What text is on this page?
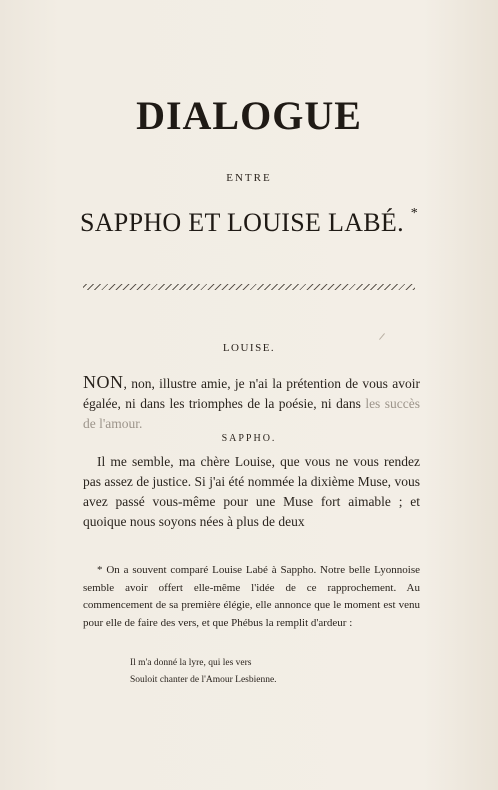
DIALOGUE
ENTRE
SAPPHO ET LOUISE LABÉ. *
LOUISE.
NON, non, illustre amie, je n'ai la prétention de vous avoir égalée, ni dans les triomphes de la poésie, ni dans les succès de l'amour.
SAPPHO.
Il me semble, ma chère Louise, que vous ne vous rendez pas assez de justice. Si j'ai été nommée la dixième Muse, vous avez passé vous-même pour une Muse fort aimable ; et quoique nous soyons nées à plus de deux
* On a souvent comparé Louise Labé à Sappho. Notre belle Lyonnoise semble avoir offert elle-même l'idée de ce rapprochement. Au commencement de sa première élégie, elle annonce que le moment est venu pour elle de faire des vers, et que Phébus la remplit d'ardeur :
Il m'a donné la lyre, qui les vers
Souloit chanter de l'Amour Lesbienne.
